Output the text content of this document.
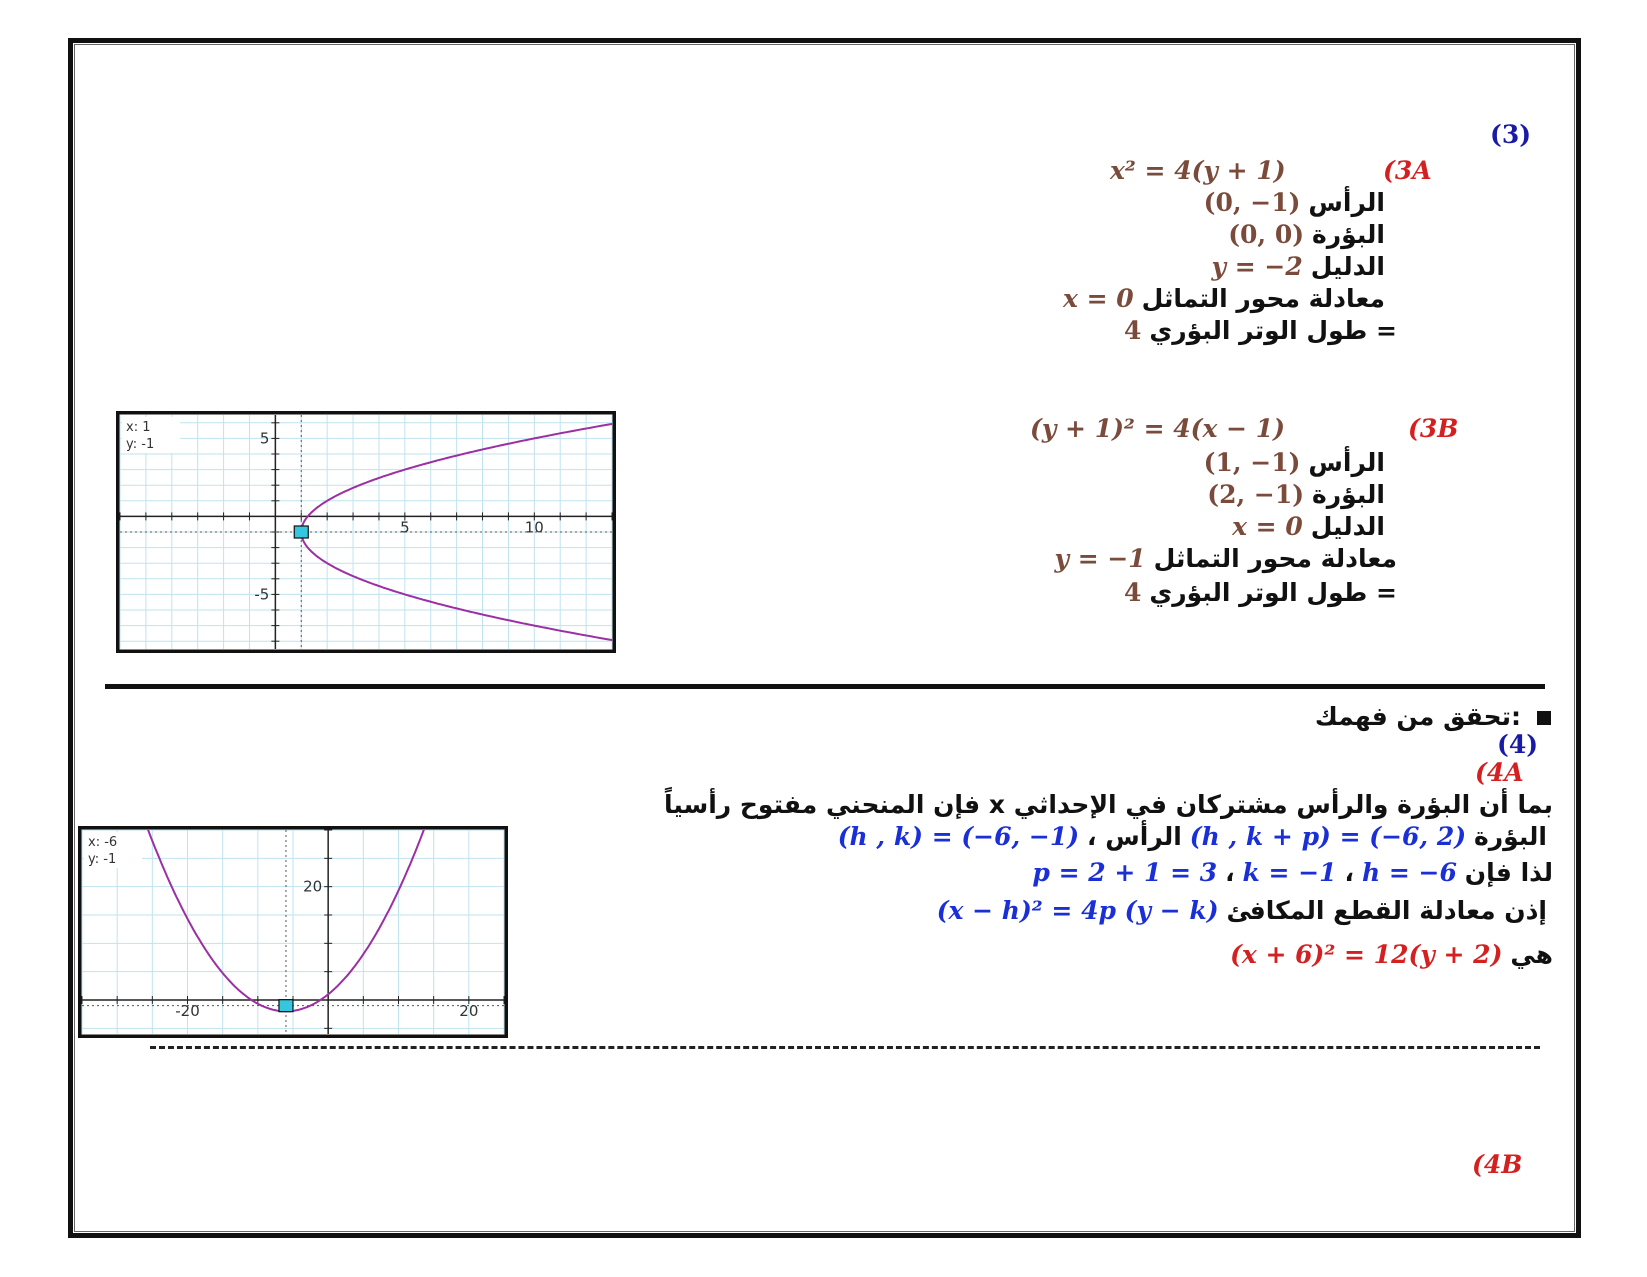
(3)
(3A
x² = 4(y + 1)
(0, −1) الرأس
(0, 0) البؤرة
y = −2 الدليل
x = 0 معادلة محور التماثل
4 طول الوتر البؤري =
(3B
(y + 1)² = 4(x − 1)
(1, −1) الرأس
(2, −1) البؤرة
x = 0 الدليل
y = −1 معادلة محور التماثل
4 طول الوتر البؤري =
5	10
5
-5
x: 1
y: -1
تحقق من فهمك:
(4)
(4A
بما أن البؤرة والرأس مشتركان في الإحداثي x فإن المنحني مفتوح رأسياً
(h , k) = (−6, −1) ، الرأس (h , k + p) = (−6, 2) البؤرة
p = 2 + 1 = 3 ، k = −1 ، h = −6 لذا فإن
(x − h)² = 4p (y − k) إذن معادلة القطع المكافئ
(x + 6)² = 12(y + 2) هي
-20	20
20
x: -6
y: -1
(4B
